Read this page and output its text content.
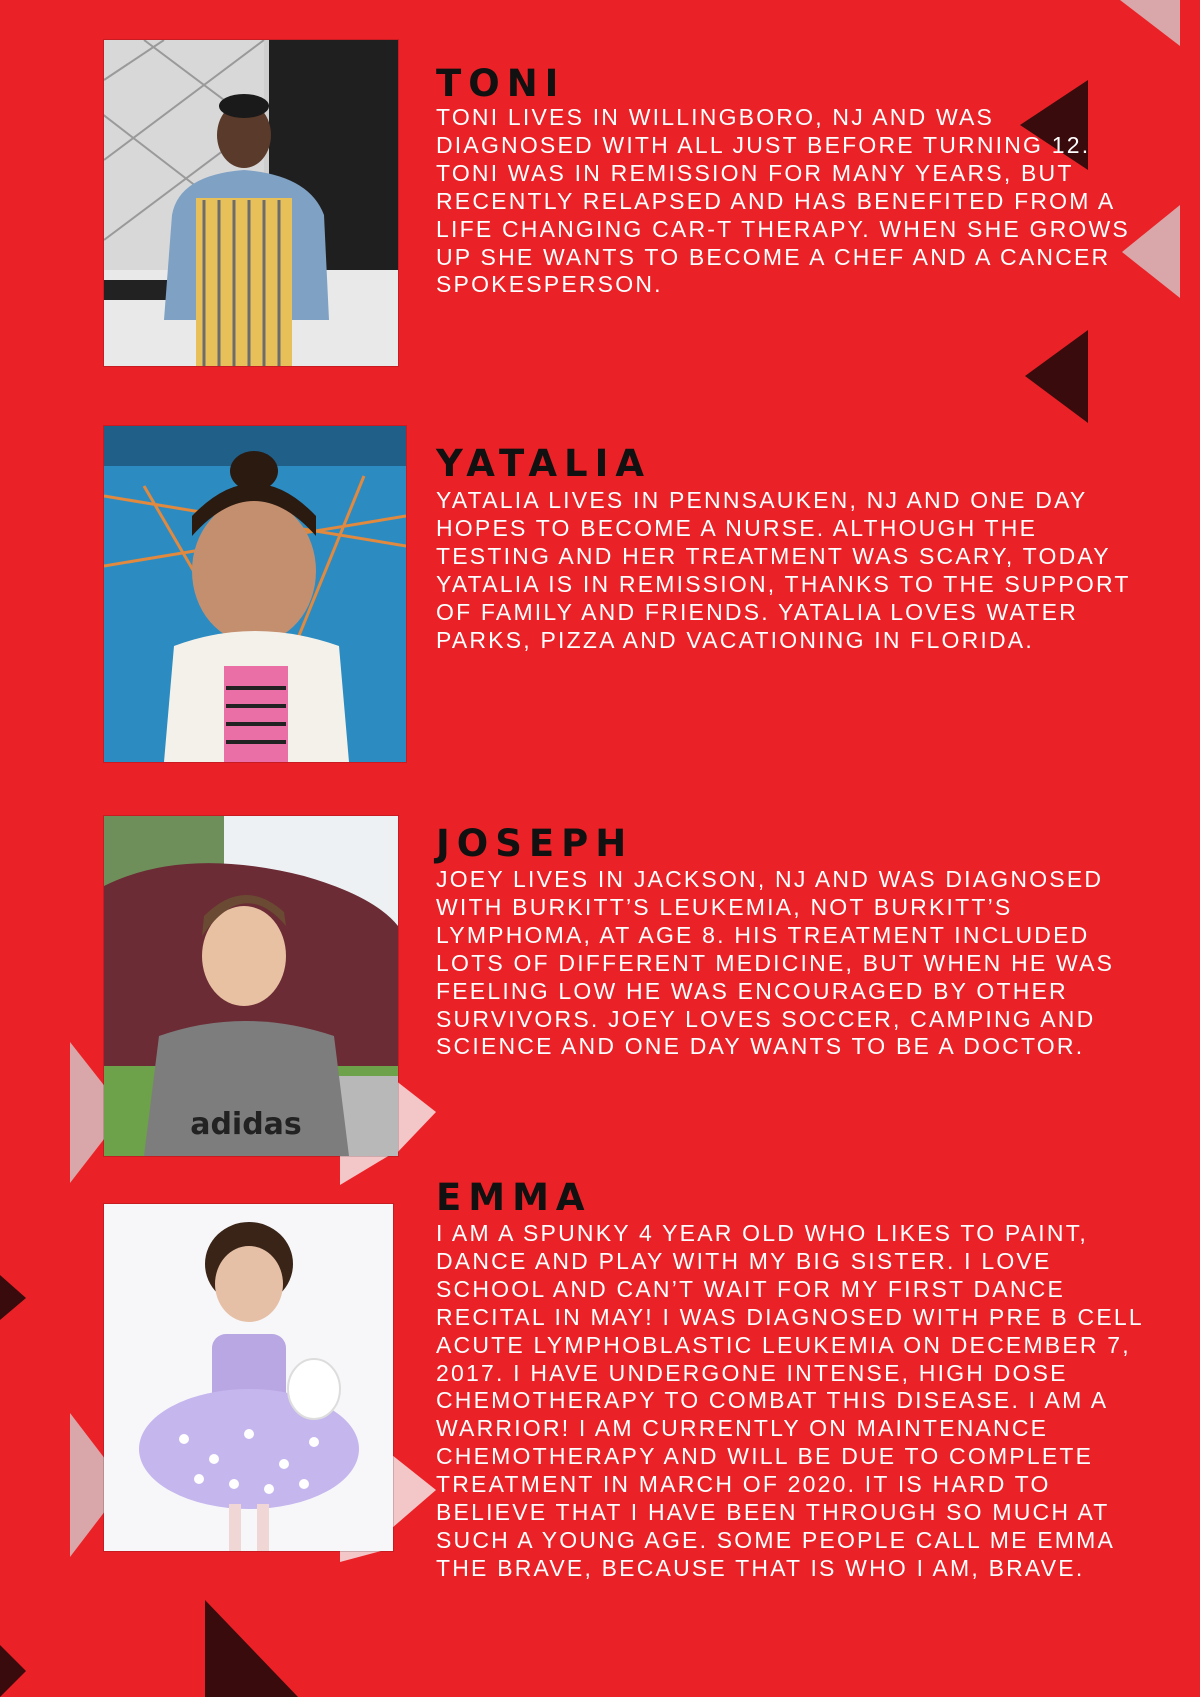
TONI

TONI LIVES IN WILLINGBORO, NJ AND WAS DIAGNOSED WITH ALL JUST BEFORE TURNING 12. TONI WAS IN REMISSION FOR MANY YEARS, BUT RECENTLY RELAPSED AND HAS BENEFITED FROM A LIFE CHANGING CAR-T THERAPY. WHEN SHE GROWS UP SHE WANTS TO BECOME A CHEF AND A CANCER SPOKESPERSON.

YATALIA

YATALIA LIVES IN PENNSAUKEN, NJ AND ONE DAY HOPES TO BECOME A NURSE. ALTHOUGH THE TESTING AND HER TREATMENT WAS SCARY, TODAY YATALIA IS IN REMISSION, THANKS TO THE SUPPORT OF FAMILY AND FRIENDS. YATALIA LOVES WATER PARKS, PIZZA AND VACATIONING IN FLORIDA.

adidas
JOSEPH

JOEY LIVES IN JACKSON, NJ AND WAS DIAGNOSED WITH BURKITT’S LEUKEMIA, NOT BURKITT’S LYMPHOMA, AT AGE 8. HIS TREATMENT INCLUDED LOTS OF DIFFERENT MEDICINE, BUT WHEN HE WAS FEELING LOW HE WAS ENCOURAGED BY OTHER SURVIVORS. JOEY LOVES SOCCER, CAMPING AND SCIENCE AND ONE DAY WANTS TO BE A DOCTOR.

EMMA

I AM A SPUNKY 4 YEAR OLD WHO LIKES TO PAINT, DANCE AND PLAY WITH MY BIG SISTER. I LOVE SCHOOL AND CAN’T WAIT FOR MY FIRST DANCE RECITAL IN MAY! I WAS DIAGNOSED WITH PRE B CELL ACUTE LYMPHOBLASTIC LEUKEMIA ON DECEMBER 7, 2017. I HAVE UNDERGONE INTENSE, HIGH DOSE CHEMOTHERAPY TO COMBAT THIS DISEASE. I AM A WARRIOR! I AM CURRENTLY ON MAINTENANCE CHEMOTHERAPY AND WILL BE DUE TO COMPLETE TREATMENT IN MARCH OF 2020. IT IS HARD TO BELIEVE THAT I HAVE BEEN THROUGH SO MUCH AT SUCH A YOUNG AGE. SOME PEOPLE CALL ME EMMA THE BRAVE, BECAUSE THAT IS WHO I AM, BRAVE.
